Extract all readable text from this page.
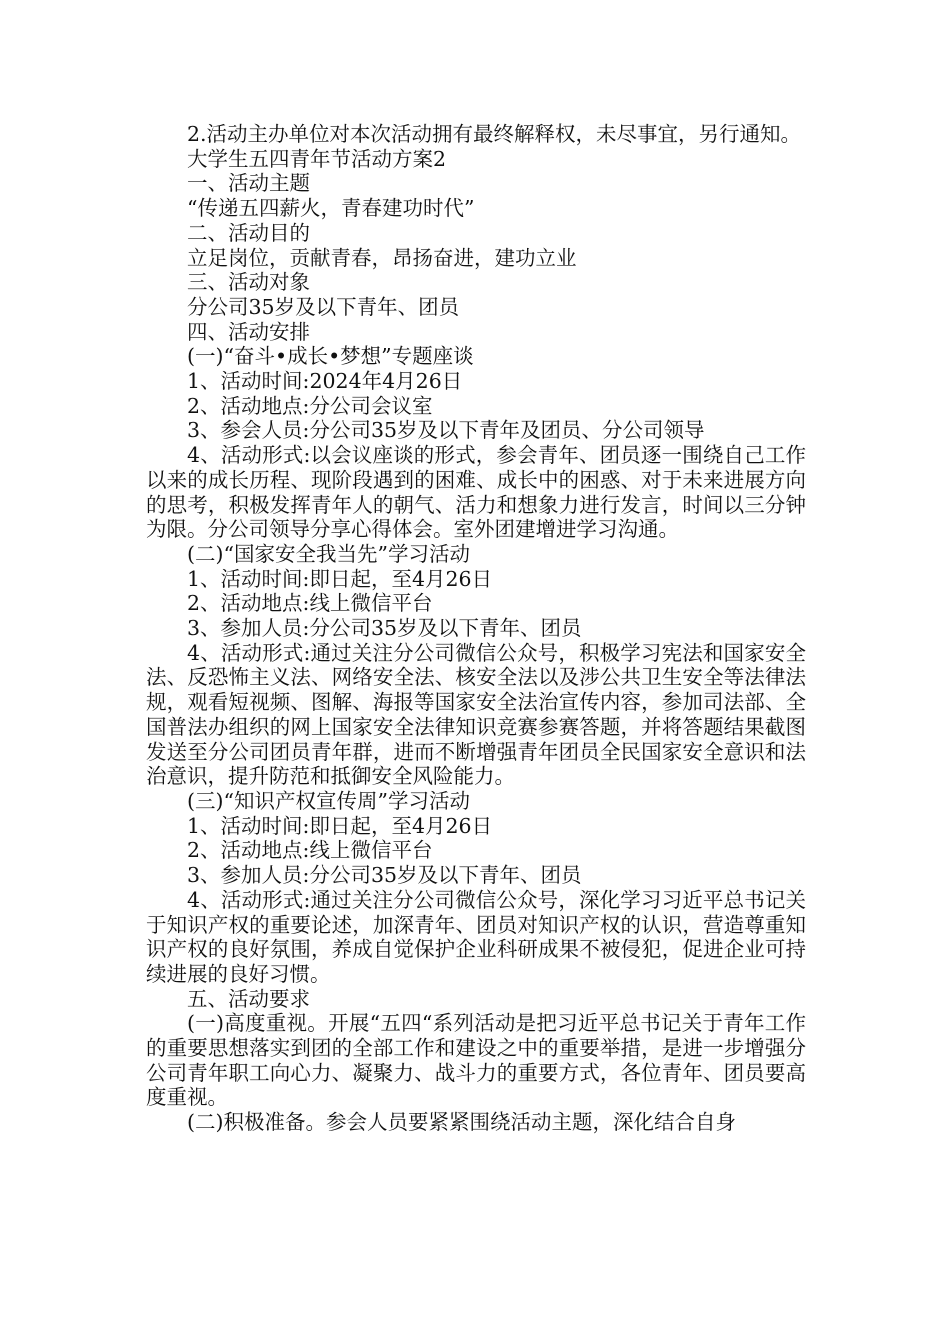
2.活动主办单位对本次活动拥有最终解释权，未尽事宜，另行通知。

大学生五四青年节活动方案2

一、活动主题

“传递五四薪火，青春建功时代”

二、活动目的

立足岗位，贡献青春，昂扬奋进，建功立业

三、活动对象

分公司35岁及以下青年、团员

四、活动安排

(一)“奋斗•成长•梦想”专题座谈

1、活动时间:2024年4月26日

2、活动地点:分公司会议室

3、参会人员:分公司35岁及以下青年及团员、分公司领导

4、活动形式:以会议座谈的形式，参会青年、团员逐一围绕自己工作以来的成长历程、现阶段遇到的困难、成长中的困惑、对于未来进展方向的思考，积极发挥青年人的朝气、活力和想象力进行发言，时间以三分钟为限。分公司领导分享心得体会。室外团建增进学习沟通。

(二)“国家安全我当先”学习活动

1、活动时间:即日起，至4月26日

2、活动地点:线上微信平台

3、参加人员:分公司35岁及以下青年、团员

4、活动形式:通过关注分公司微信公众号，积极学习宪法和国家安全法、反恐怖主义法、网络安全法、核安全法以及涉公共卫生安全等法律法规，观看短视频、图解、海报等国家安全法治宣传内容，参加司法部、全国普法办组织的网上国家安全法律知识竞赛参赛答题，并将答题结果截图发送至分公司团员青年群，进而不断增强青年团员全民国家安全意识和法治意识，提升防范和抵御安全风险能力。

(三)“知识产权宣传周”学习活动

1、活动时间:即日起，至4月26日

2、活动地点:线上微信平台

3、参加人员:分公司35岁及以下青年、团员

4、活动形式:通过关注分公司微信公众号，深化学习习近平总书记关于知识产权的重要论述，加深青年、团员对知识产权的认识，营造尊重知识产权的良好氛围，养成自觉保护企业科研成果不被侵犯，促进企业可持续进展的良好习惯。

五、活动要求

(一)高度重视。开展“五四“系列活动是把习近平总书记关于青年工作的重要思想落实到团的全部工作和建设之中的重要举措，是进一步增强分公司青年职工向心力、凝聚力、战斗力的重要方式，各位青年、团员要高度重视。

(二)积极准备。参会人员要紧紧围绕活动主题，深化结合自身
